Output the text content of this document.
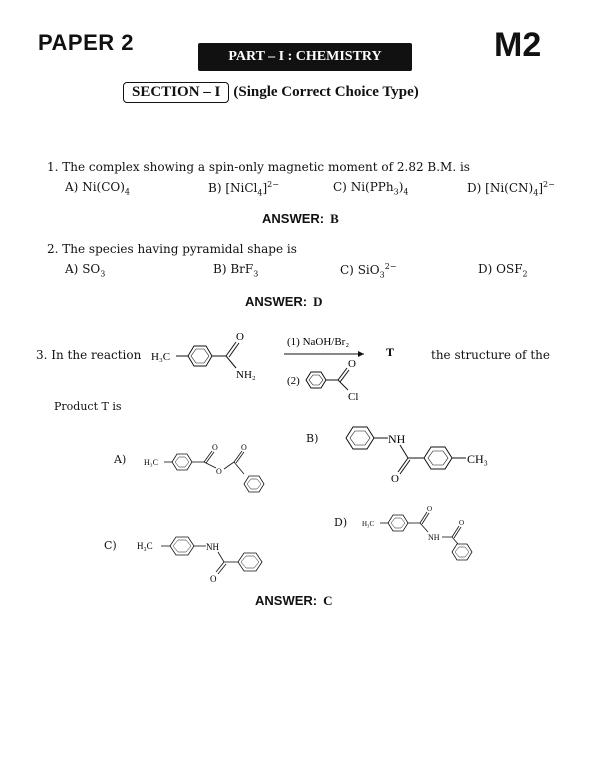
PAPER 2
PART – I : CHEMISTRY	M2
SECTION – I (Single Correct Choice Type)
1. The complex showing a spin-only magnetic moment of 2.82 B.M. is
A) $Ni(CO)_4$	B) [NiCl$_4$]$^{2-}$	C) $Ni(PPh_3)_4$	D) $[Ni(CN)_4]^{2-}$
ANSWER: B
2. The species having pyramidal shape is
A) $SO_3$	B) BrF$_3$	C) SiO$_3^{2-}$	D) $OSF_2$
ANSWER: D
3. In the reaction H₃C
O
NH₂
(1) NaOH/Br₂
(2)
O
Cl
T	the structure of the
Product T is
A) H₃C
O
O
O
B)	NH
O
CH₃
D) H₃C
O
NH
O
C) H₃C	NH
O
ANSWER: C
